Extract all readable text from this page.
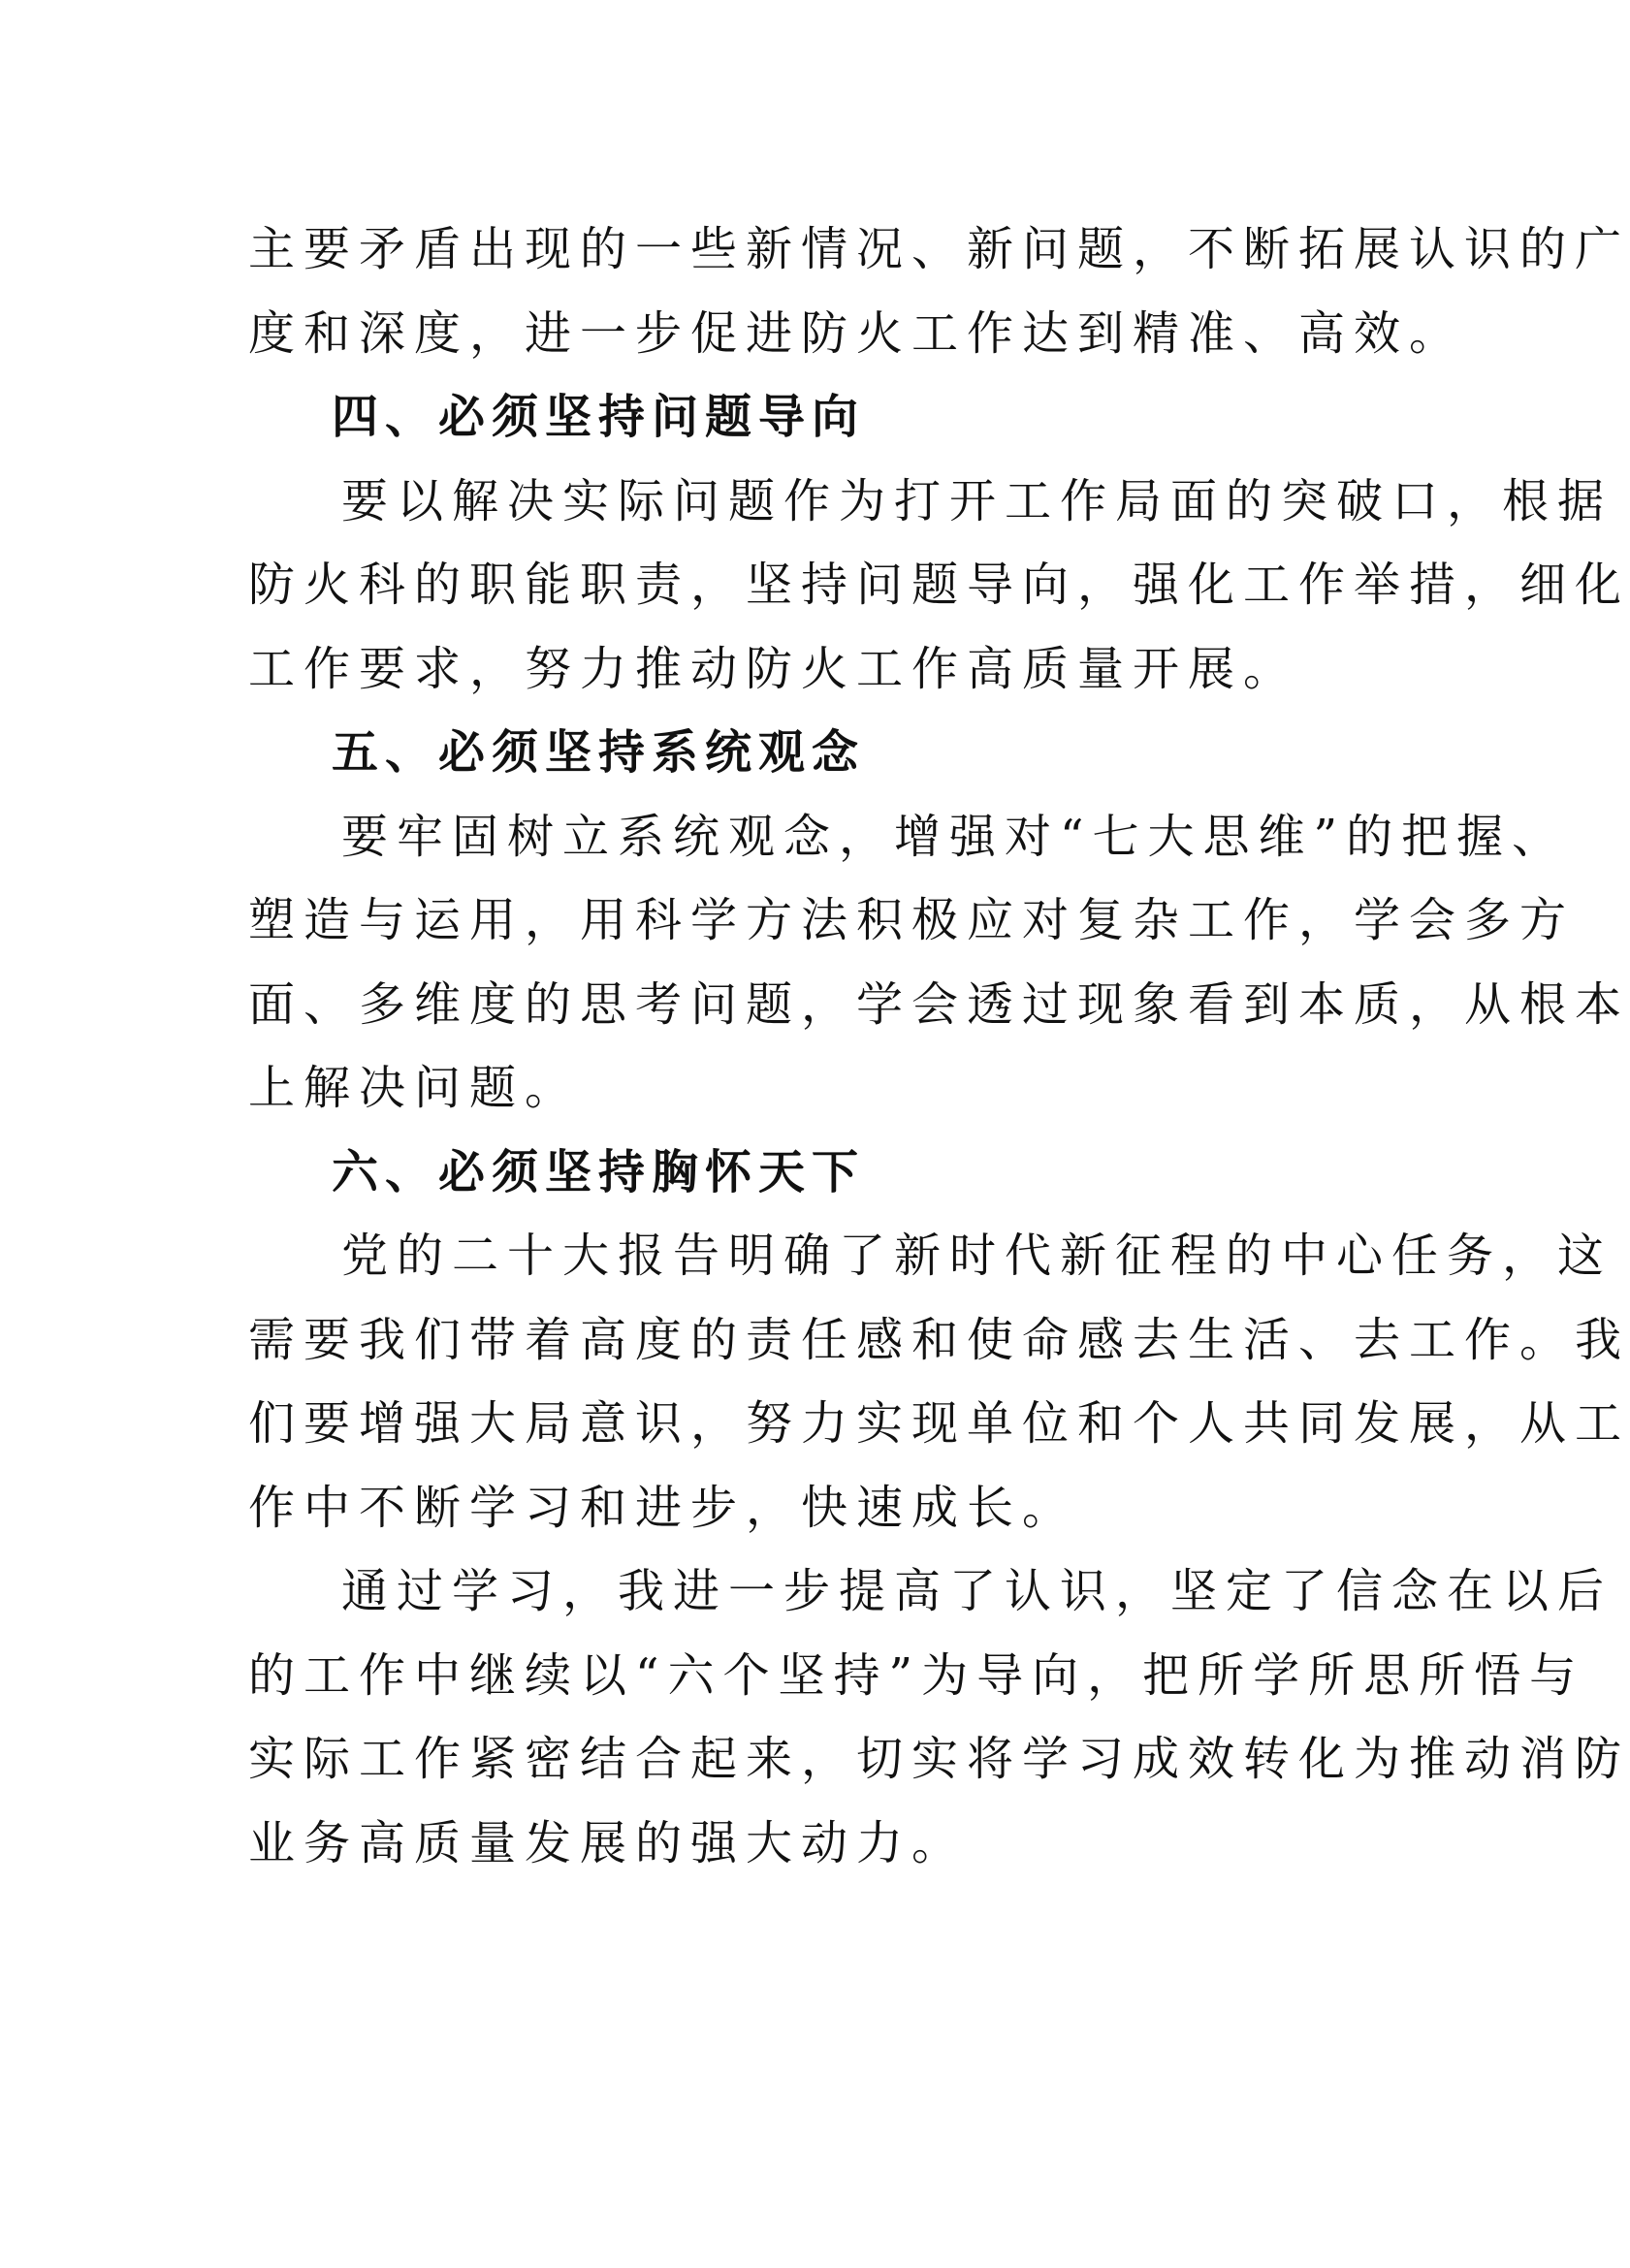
主要矛盾出现的一些新情况、新问题，不断拓展认识的广
度和深度，进一步促进防火工作达到精准、高效。
四、必须坚持问题导向
要以解决实际问题作为打开工作局面的突破口，根据
防火科的职能职责，坚持问题导向，强化工作举措，细化
工作要求，努力推动防火工作高质量开展。
五、必须坚持系统观念
要牢固树立系统观念，增强对“七大思维”的把握、
塑造与运用，用科学方法积极应对复杂工作，学会多方
面、多维度的思考问题，学会透过现象看到本质，从根本
上解决问题。
六、必须坚持胸怀天下
党的二十大报告明确了新时代新征程的中心任务，这
需要我们带着高度的责任感和使命感去生活、去工作。我
们要增强大局意识，努力实现单位和个人共同发展，从工
作中不断学习和进步，快速成长。
通过学习，我进一步提高了认识，坚定了信念在以后
的工作中继续以“六个坚持”为导向，把所学所思所悟与
实际工作紧密结合起来，切实将学习成效转化为推动消防
业务高质量发展的强大动力。
